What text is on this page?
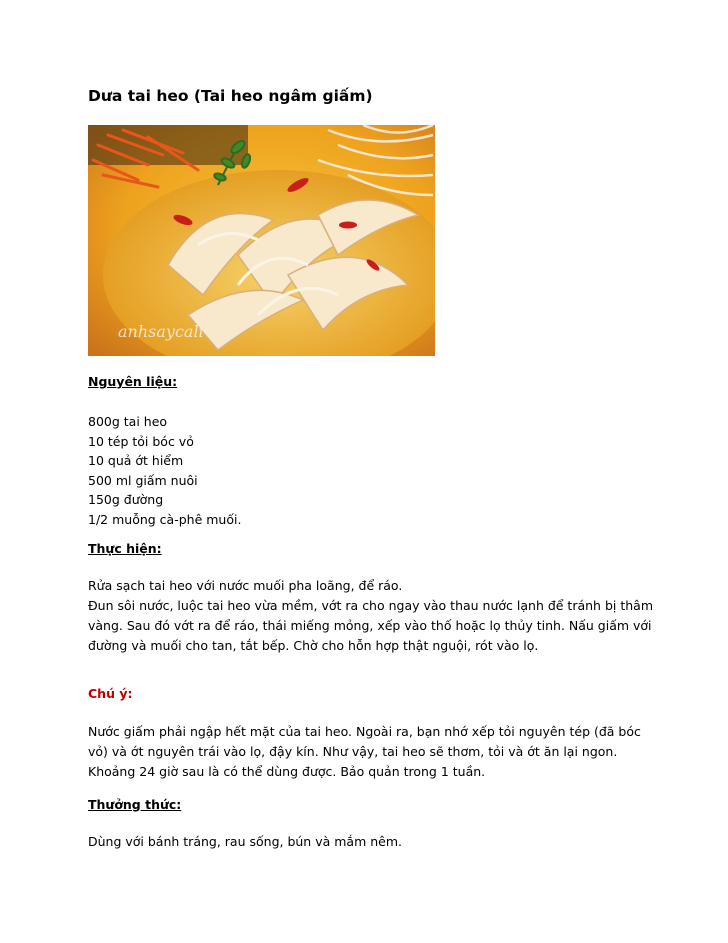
Dưa tai heo (Tai heo ngâm giấm)
anhsaycali

Nguyên liệu:

800g tai heo
10 tép tỏi bóc vỏ
10 quả ớt hiểm
500 ml giấm nuôi
150g đường
1/2 muỗng cà-phê muối.

Thực hiện:

Rửa sạch tai heo với nước muối pha loãng, để ráo.

Đun sôi nước, luộc tai heo vừa mềm, vớt ra cho ngay vào thau nước lạnh để tránh bị thâm vàng. Sau đó vớt ra để ráo, thái miếng mỏng, xếp vào thố hoặc lọ thủy tinh. Nấu giấm với đường và muối cho tan, tắt bếp. Chờ cho hỗn hợp thật nguội, rót vào lọ.

Chú ý:

Nước giấm phải ngập hết mặt của tai heo. Ngoài ra, bạn nhớ xếp tỏi nguyên tép (đã bóc vỏ) và ớt nguyên trái vào lọ, đậy kín. Như vậy, tai heo sẽ thơm, tỏi và ớt ăn lại ngon. Khoảng 24 giờ sau là có thể dùng được. Bảo quản trong 1 tuần.

Thưởng thức:

Dùng với bánh tráng, rau sống, bún và mắm nêm.
